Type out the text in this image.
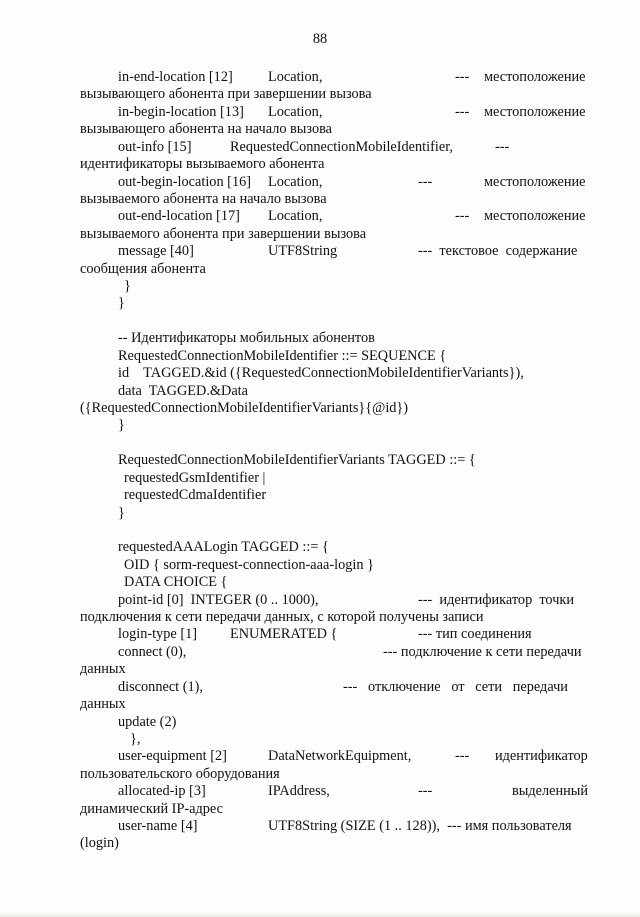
88
in-end-location [12] Location,	--- местоположение
вызывающего абонента при завершении вызова
in-begin-location [13] Location,	--- местоположение
вызывающего абонента на начало вызова
out-info [15]	RequestedConnectionMobileIdentifier,	---
идентификаторы вызываемого абонента
out-begin-location [16] Location,	---	местоположение
вызываемого абонента на начало вызова
out-end-location [17] Location,	--- местоположение
вызываемого абонента при завершении вызова
message [40]	UTF8String	---  текстовое  содержание
сообщения абонента
}
}
-- Идентификаторы мобильных абонентов
RequestedConnectionMobileIdentifier ::= SEQUENCE {
id    TAGGED.&id ({RequestedConnectionMobileIdentifierVariants}),
data  TAGGED.&Data
({RequestedConnectionMobileIdentifierVariants}{@id})
}
RequestedConnectionMobileIdentifierVariants TAGGED ::= {
requestedGsmIdentifier |
requestedCdmaIdentifier
}
requestedAAALogin TAGGED ::= {
OID { sorm-request-connection-aaa-login }
DATA CHOICE {
point-id [0]  INTEGER (0 .. 1000),	---  идентификатор  точки
подключения к сети передачи данных, с которой получены записи
login-type [1] ENUMERATED {	--- тип соединения
connect (0),	--- подключение к сети передачи
данных
disconnect (1),	---   отключение   от   сети   передачи
данных
update (2)
},
user-equipment [2]	DataNetworkEquipment,	--- идентификатор
пользовательского оборудования
allocated-ip [3]	IPAddress,	---	выделенный
динамический IP-адрес
user-name [4]	UTF8String (SIZE (1 .. 128)),  --- имя пользователя
(login)
